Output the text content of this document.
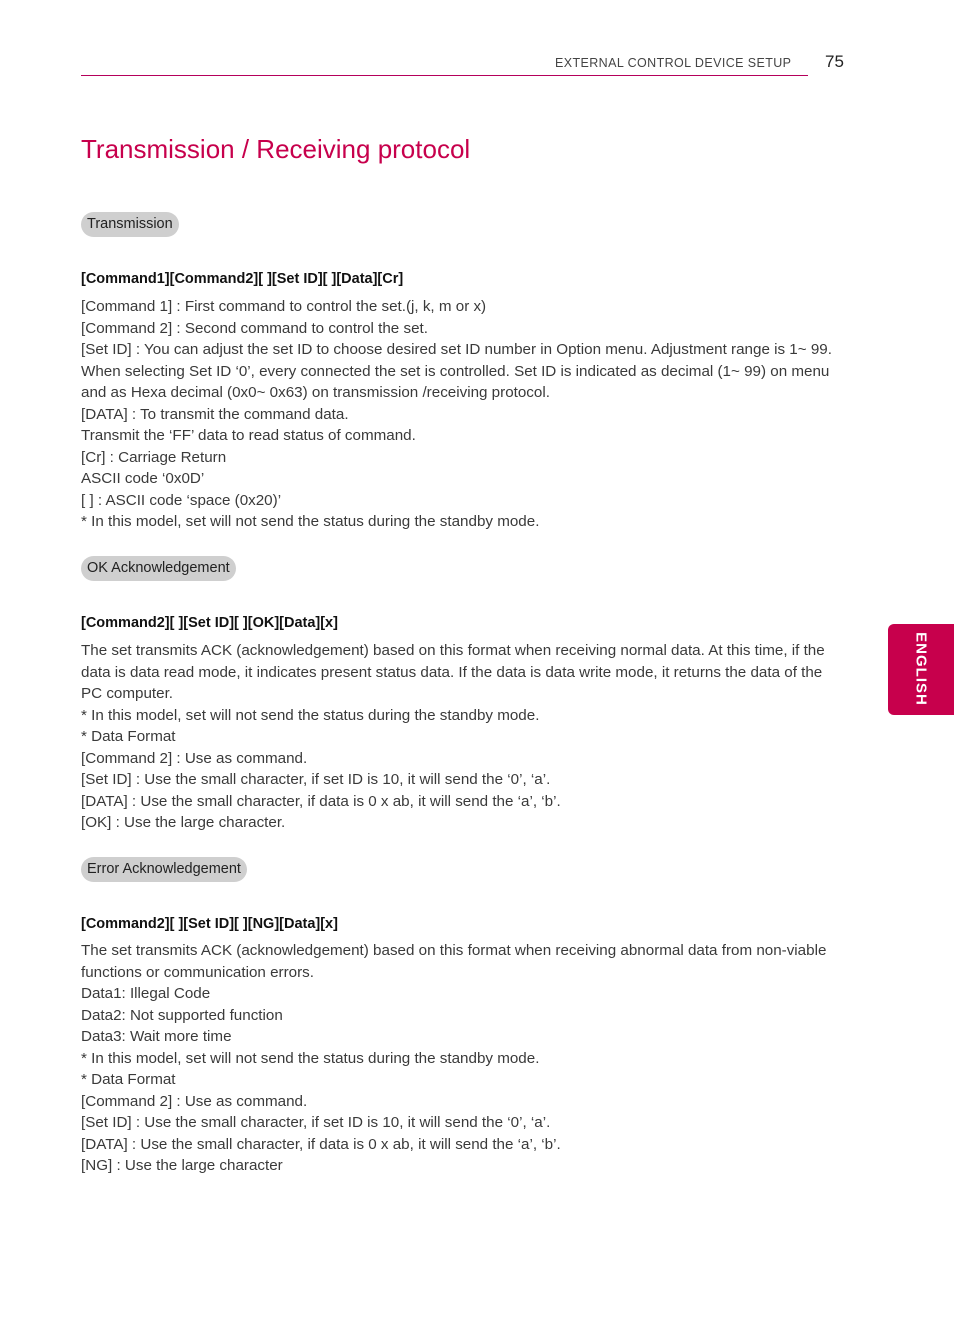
EXTERNAL CONTROL DEVICE SETUP 75
Transmission / Receiving protocol
Transmission
[Command1][Command2][ ][Set ID][ ][Data][Cr]

[Command 1] : First command to control the set.(j, k, m or x)

[Command 2] : Second command to control the set.

[Set ID] : You can adjust the set ID to choose desired set ID number in Option menu. Adjustment range is 1~ 99. When selecting Set ID ‘0’, every connected the set is controlled. Set ID is indicated as decimal (1~ 99) on menu and as Hexa decimal (0x0~ 0x63) on transmission /receiving protocol.

[DATA] : To transmit the command data.

Transmit the ‘FF’ data to read status of command.

[Cr] : Carriage Return

ASCII code ‘0x0D’

[ ] : ASCII code ‘space (0x20)’

* In this model, set will not send the status during the standby mode.

OK Acknowledgement
[Command2][ ][Set ID][ ][OK][Data][x]

The set transmits ACK (acknowledgement) based on this format when receiving normal data. At this time, if the data is data read mode, it indicates present status data. If the data is data write mode, it returns the data of the PC computer.

* In this model, set will not send the status during the standby mode.

* Data Format

[Command 2] : Use as command.

[Set ID] : Use the small character, if set ID is 10, it will send the ‘0’, ‘a’.

[DATA] : Use the small character, if data is 0 x ab, it will send the ‘a’, ‘b’.

[OK] : Use the large character.

Error Acknowledgement
[Command2][ ][Set ID][ ][NG][Data][x]

The set transmits ACK (acknowledgement) based on this format when receiving abnormal data from non-viable functions or communication errors.

Data1: Illegal Code

Data2: Not supported function

Data3: Wait more time

* In this model, set will not send the status during the standby mode.

* Data Format

[Command 2] : Use as command.

[Set ID] : Use the small character, if set ID is 10, it will send the ‘0’, ‘a’.

[DATA] : Use the small character, if data is 0 x ab, it will send the ‘a’, ‘b’.

[NG] : Use the large character

ENGLISH
